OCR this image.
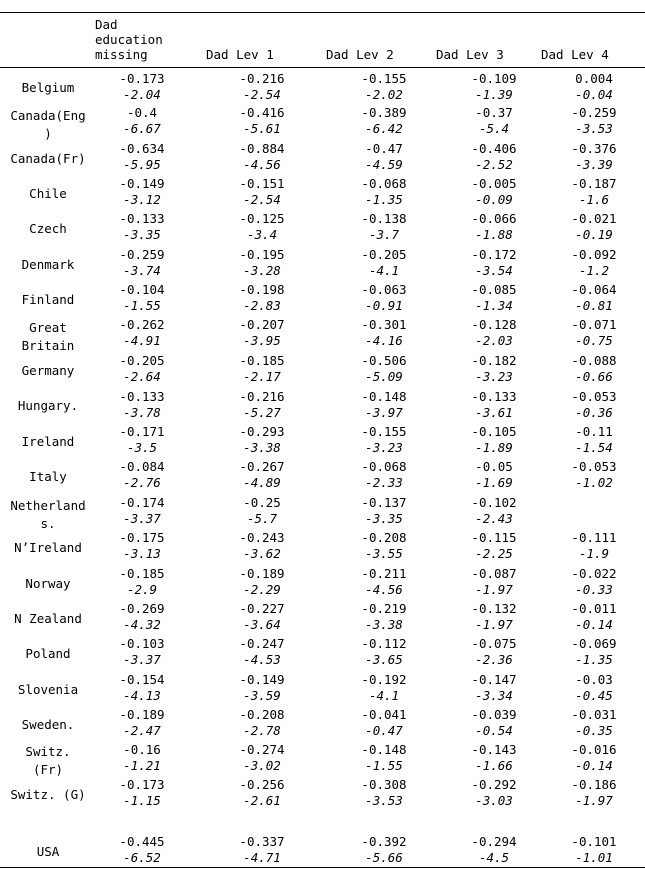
Dad
education
missing	Dad Lev 1	Dad Lev 2	Dad Lev 3	Dad Lev 4
Belgium
-0.173	-0.216	-0.155	-0.109	0.004
-2.04	-2.54	-2.02	-1.39	-0.04
Canada(Eng
)
-0.4	-0.416	-0.389	-0.37	-0.259
-6.67	-5.61	-6.42	-5.4	-3.53
Canada(Fr)
-0.634	-0.884	-0.47	-0.406	-0.376
-5.95	-4.56	-4.59	-2.52	-3.39
Chile
-0.149	-0.151	-0.068	-0.005	-0.187
-3.12	-2.54	-1.35	-0.09	-1.6
Czech
-0.133	-0.125	-0.138	-0.066	-0.021
-3.35	-3.4	-3.7	-1.88	-0.19
Denmark
-0.259	-0.195	-0.205	-0.172	-0.092
-3.74	-3.28	-4.1	-3.54	-1.2
Finland
-0.104	-0.198	-0.063	-0.085	-0.064
-1.55	-2.83	-0.91	-1.34	-0.81
Great
Britain
-0.262	-0.207	-0.301	-0.128	-0.071
-4.91	-3.95	-4.16	-2.03	-0.75
Germany
-0.205	-0.185	-0.506	-0.182	-0.088
-2.64	-2.17	-5.09	-3.23	-0.66
Hungary.
-0.133	-0.216	-0.148	-0.133	-0.053
-3.78	-5.27	-3.97	-3.61	-0.36
Ireland
-0.171	-0.293	-0.155	-0.105	-0.11
-3.5	-3.38	-3.23	-1.89	-1.54
Italy
-0.084	-0.267	-0.068	-0.05	-0.053
-2.76	-4.89	-2.33	-1.69	-1.02
Netherland
s.
-0.174	-0.25	-0.137	-0.102
-3.37	-5.7	-3.35	-2.43
N’Ireland
-0.175	-0.243	-0.208	-0.115	-0.111
-3.13	-3.62	-3.55	-2.25	-1.9
Norway
-0.185	-0.189	-0.211	-0.087	-0.022
-2.9	-2.29	-4.56	-1.97	-0.33
N Zealand
-0.269	-0.227	-0.219	-0.132	-0.011
-4.32	-3.64	-3.38	-1.97	-0.14
Poland
-0.103	-0.247	-0.112	-0.075	-0.069
-3.37	-4.53	-3.65	-2.36	-1.35
Slovenia
-0.154	-0.149	-0.192	-0.147	-0.03
-4.13	-3.59	-4.1	-3.34	-0.45
Sweden.
-0.189	-0.208	-0.041	-0.039	-0.031
-2.47	-2.78	-0.47	-0.54	-0.35
Switz.
(Fr)
-0.16	-0.274	-0.148	-0.143	-0.016
-1.21	-3.02	-1.55	-1.66	-0.14
Switz. (G)
-0.173	-0.256	-0.308	-0.292	-0.186
-1.15	-2.61	-3.53	-3.03	-1.97
USA
-0.445	-0.337	-0.392	-0.294	-0.101
-6.52	-4.71	-5.66	-4.5	-1.01
